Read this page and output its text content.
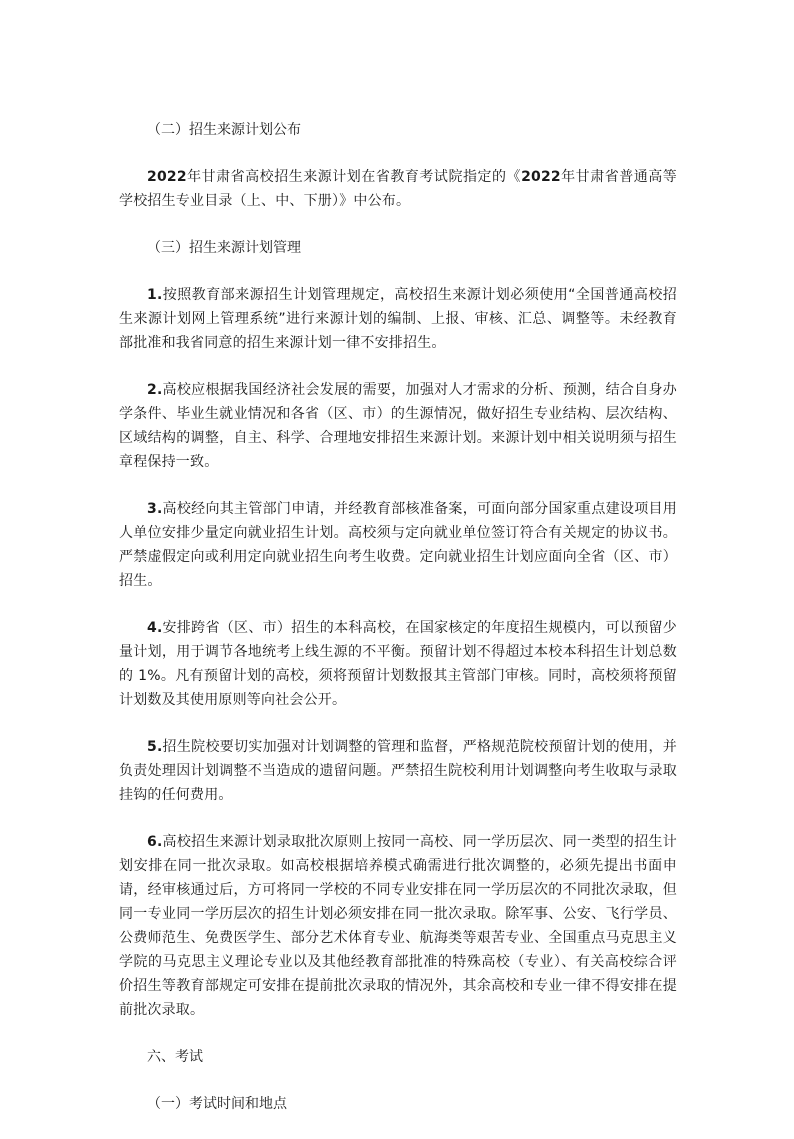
（二）招生来源计划公布

2022年甘肃省高校招生来源计划在省教育考试院指定的《2022年甘肃省普通高等学校招生专业目录（上、中、下册）》中公布。

（三）招生来源计划管理

1.按照教育部来源招生计划管理规定，高校招生来源计划必须使用“全国普通高校招生来源计划网上管理系统”进行来源计划的编制、上报、审核、汇总、调整等。未经教育部批准和我省同意的招生来源计划一律不安排招生。

2.高校应根据我国经济社会发展的需要，加强对人才需求的分析、预测，结合自身办学条件、毕业生就业情况和各省（区、市）的生源情况，做好招生专业结构、层次结构、区域结构的调整，自主、科学、合理地安排招生来源计划。来源计划中相关说明须与招生章程保持一致。

3.高校经向其主管部门申请，并经教育部核准备案，可面向部分国家重点建设项目用人单位安排少量定向就业招生计划。高校须与定向就业单位签订符合有关规定的协议书。严禁虚假定向或利用定向就业招生向考生收费。定向就业招生计划应面向全省（区、市）招生。

4.安排跨省（区、市）招生的本科高校，在国家核定的年度招生规模内，可以预留少量计划，用于调节各地统考上线生源的不平衡。预留计划不得超过本校本科招生计划总数的 1%。凡有预留计划的高校，须将预留计划数报其主管部门审核。同时，高校须将预留计划数及其使用原则等向社会公开。

5.招生院校要切实加强对计划调整的管理和监督，严格规范院校预留计划的使用，并负责处理因计划调整不当造成的遗留问题。严禁招生院校利用计划调整向考生收取与录取挂钩的任何费用。

6.高校招生来源计划录取批次原则上按同一高校、同一学历层次、同一类型的招生计划安排在同一批次录取。如高校根据培养模式确需进行批次调整的，必须先提出书面申请，经审核通过后，方可将同一学校的不同专业安排在同一学历层次的不同批次录取，但同一专业同一学历层次的招生计划必须安排在同一批次录取。除军事、公安、飞行学员、公费师范生、免费医学生、部分艺术体育专业、航海类等艰苦专业、全国重点马克思主义学院的马克思主义理论专业以及其他经教育部批准的特殊高校（专业）、有关高校综合评价招生等教育部规定可安排在提前批次录取的情况外，其余高校和专业一律不得安排在提前批次录取。

六、考试

（一）考试时间和地点
